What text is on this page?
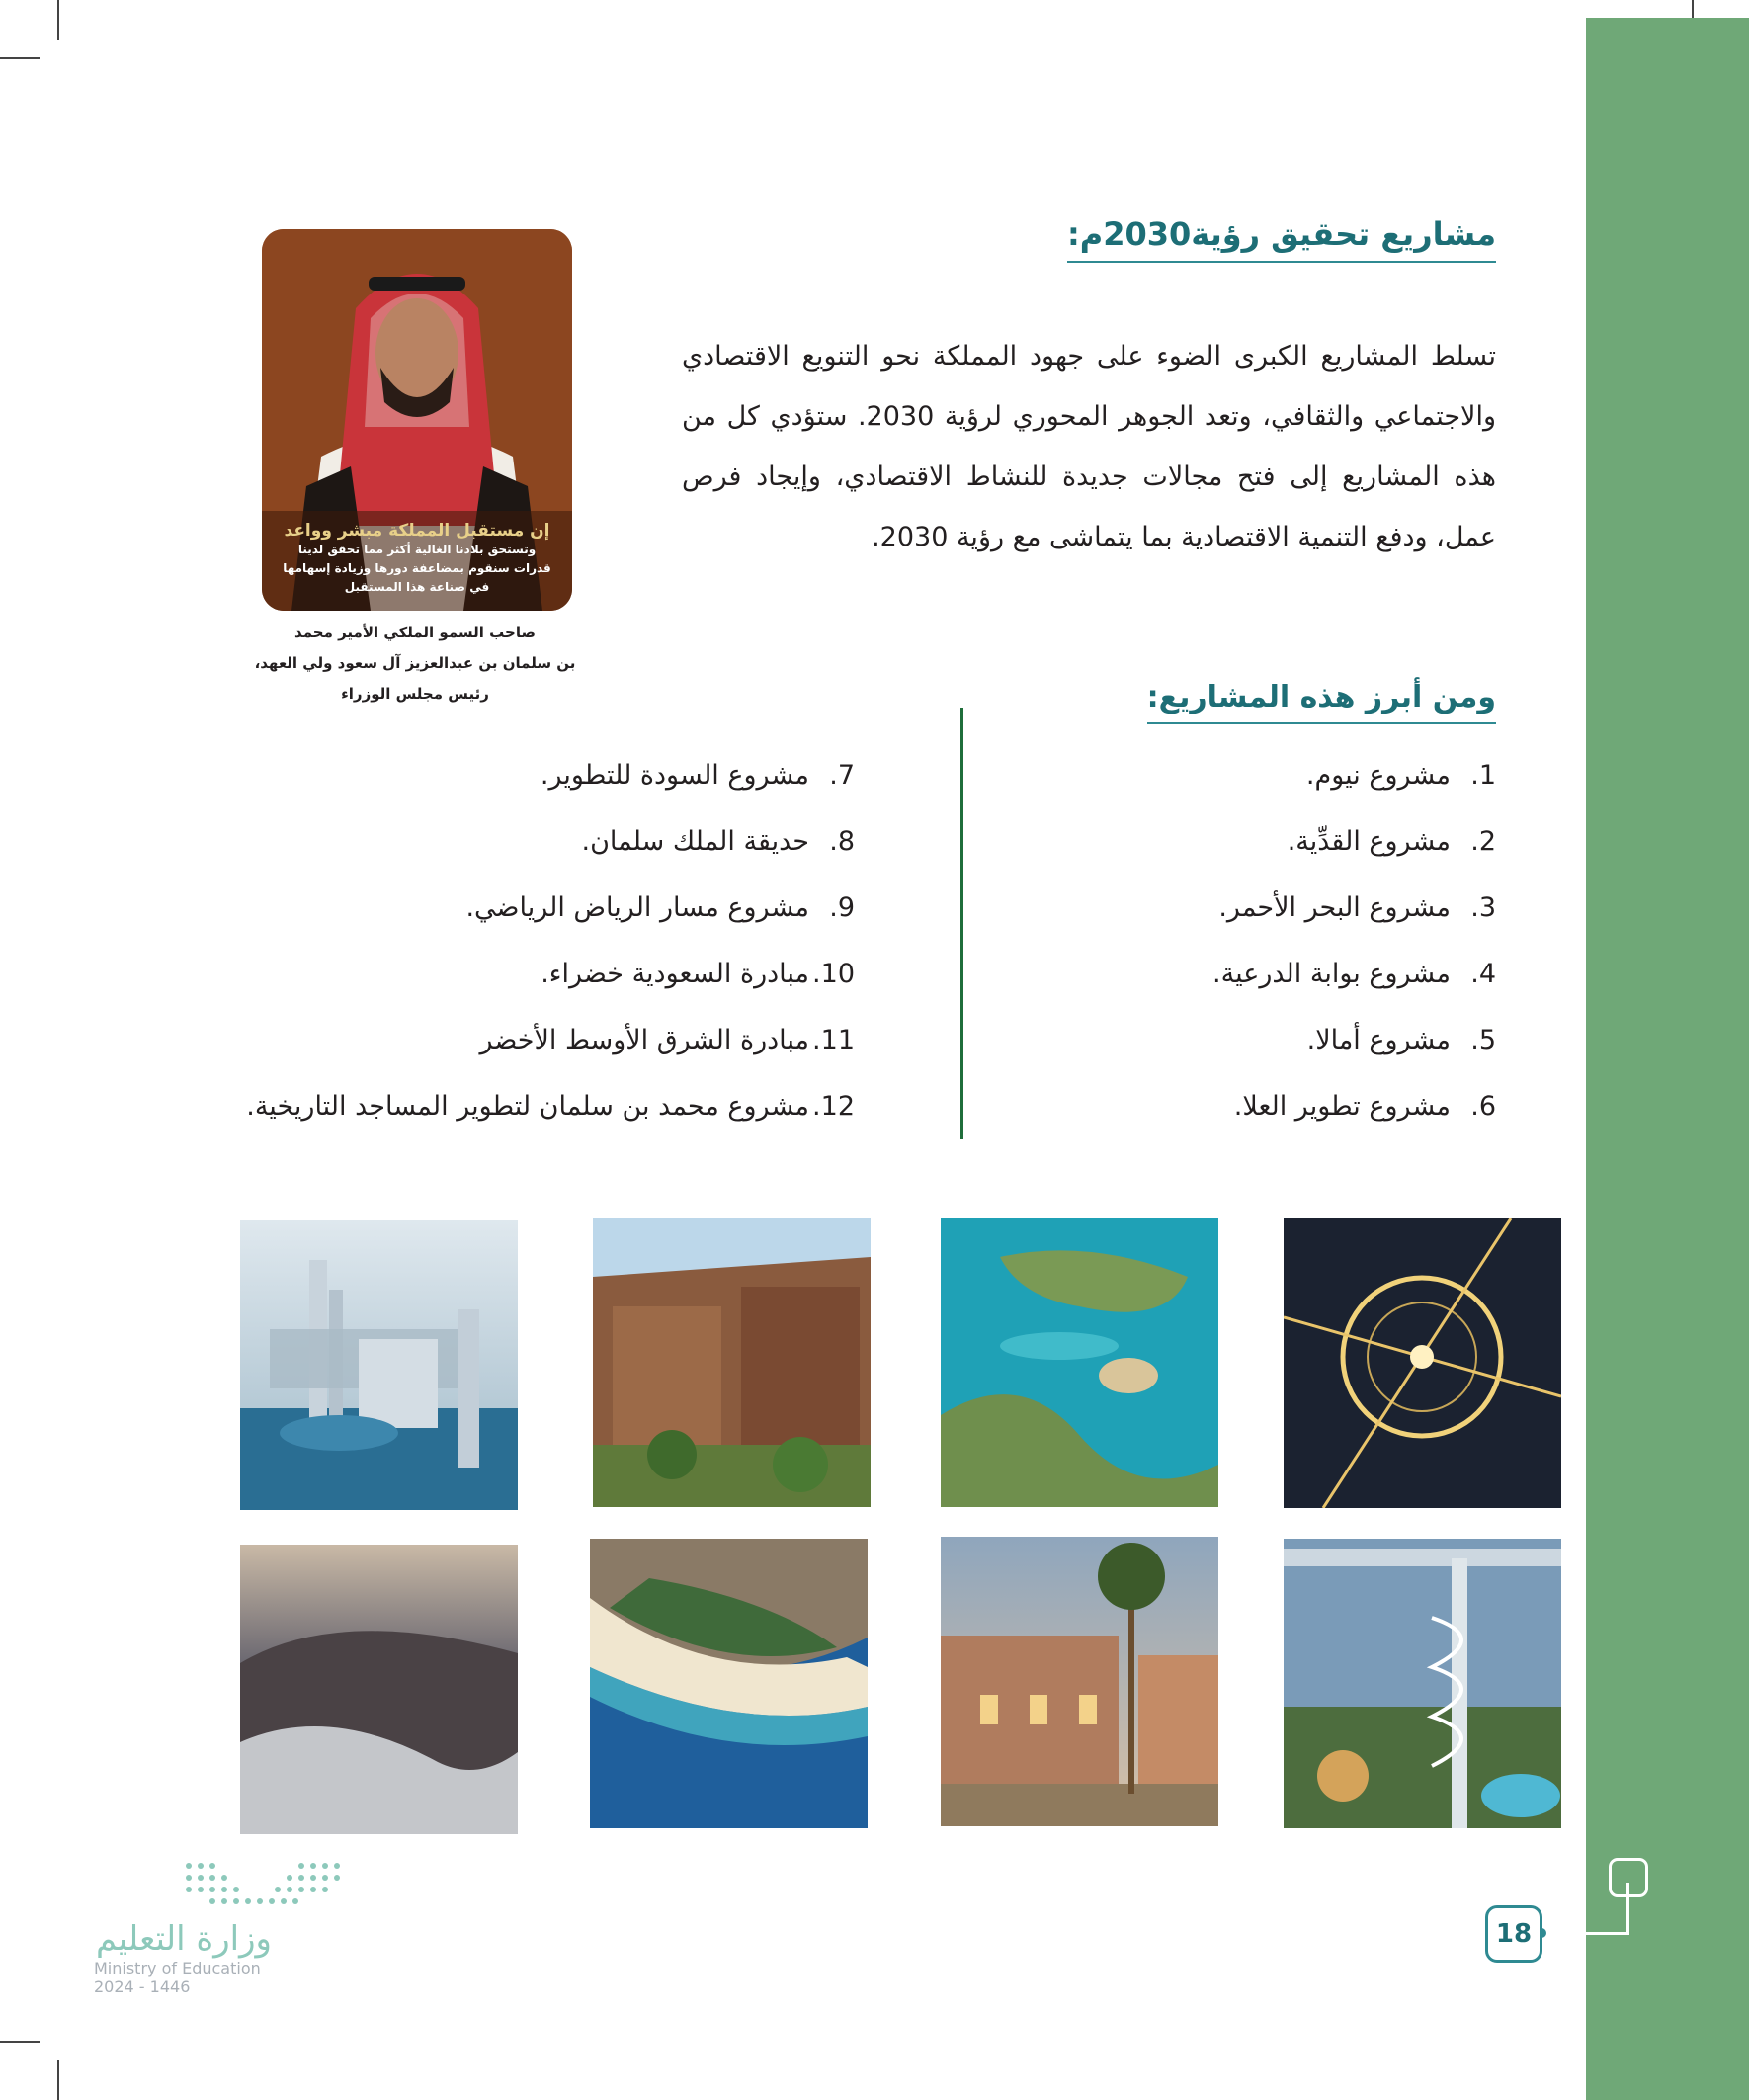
مشاريع تحقيق رؤية2030م:
تسلط المشاريع الكبرى الضوء على جهود المملكة نحو التنويع الاقتصادي والاجتماعي والثقافي، وتعد الجوهر المحوري لرؤية 2030. ستؤدي كل من هذه المشاريع إلى فتح مجالات جديدة للنشاط الاقتصادي، وإيجاد فرص عمل، ودفع التنمية الاقتصادية بما يتماشى مع رؤية 2030.
إن مستقبل المملكة مبشر وواعد
وتستحق بلادنا الغالية أكثر مما تحقق لدينا
قدرات سنقوم بمضاعفة دورها وزيادة إسهامها
في صناعة هذا المستقبل
صاحب السمو الملكي الأمير محمد
بن سلمان بن عبدالعزيز آل سعود ولي العهد،
رئيس مجلس الوزراء	ومن أبرز هذه المشاريع:
1.مشروع نيوم.
2.مشروع القدِّية.
3.مشروع البحر الأحمر.
4.مشروع بوابة الدرعية.
5.مشروع أمالا.
6.مشروع تطوير العلا.
7.مشروع السودة للتطوير.
8.حديقة الملك سلمان.
9.مشروع مسار الرياض الرياضي.
10.مبادرة السعودية خضراء.
11.مبادرة الشرق الأوسط الأخضر
12.مشروع محمد بن سلمان لتطوير المساجد التاريخية.
18
وزارة التعليم
Ministry of Education
2024 - 1446
